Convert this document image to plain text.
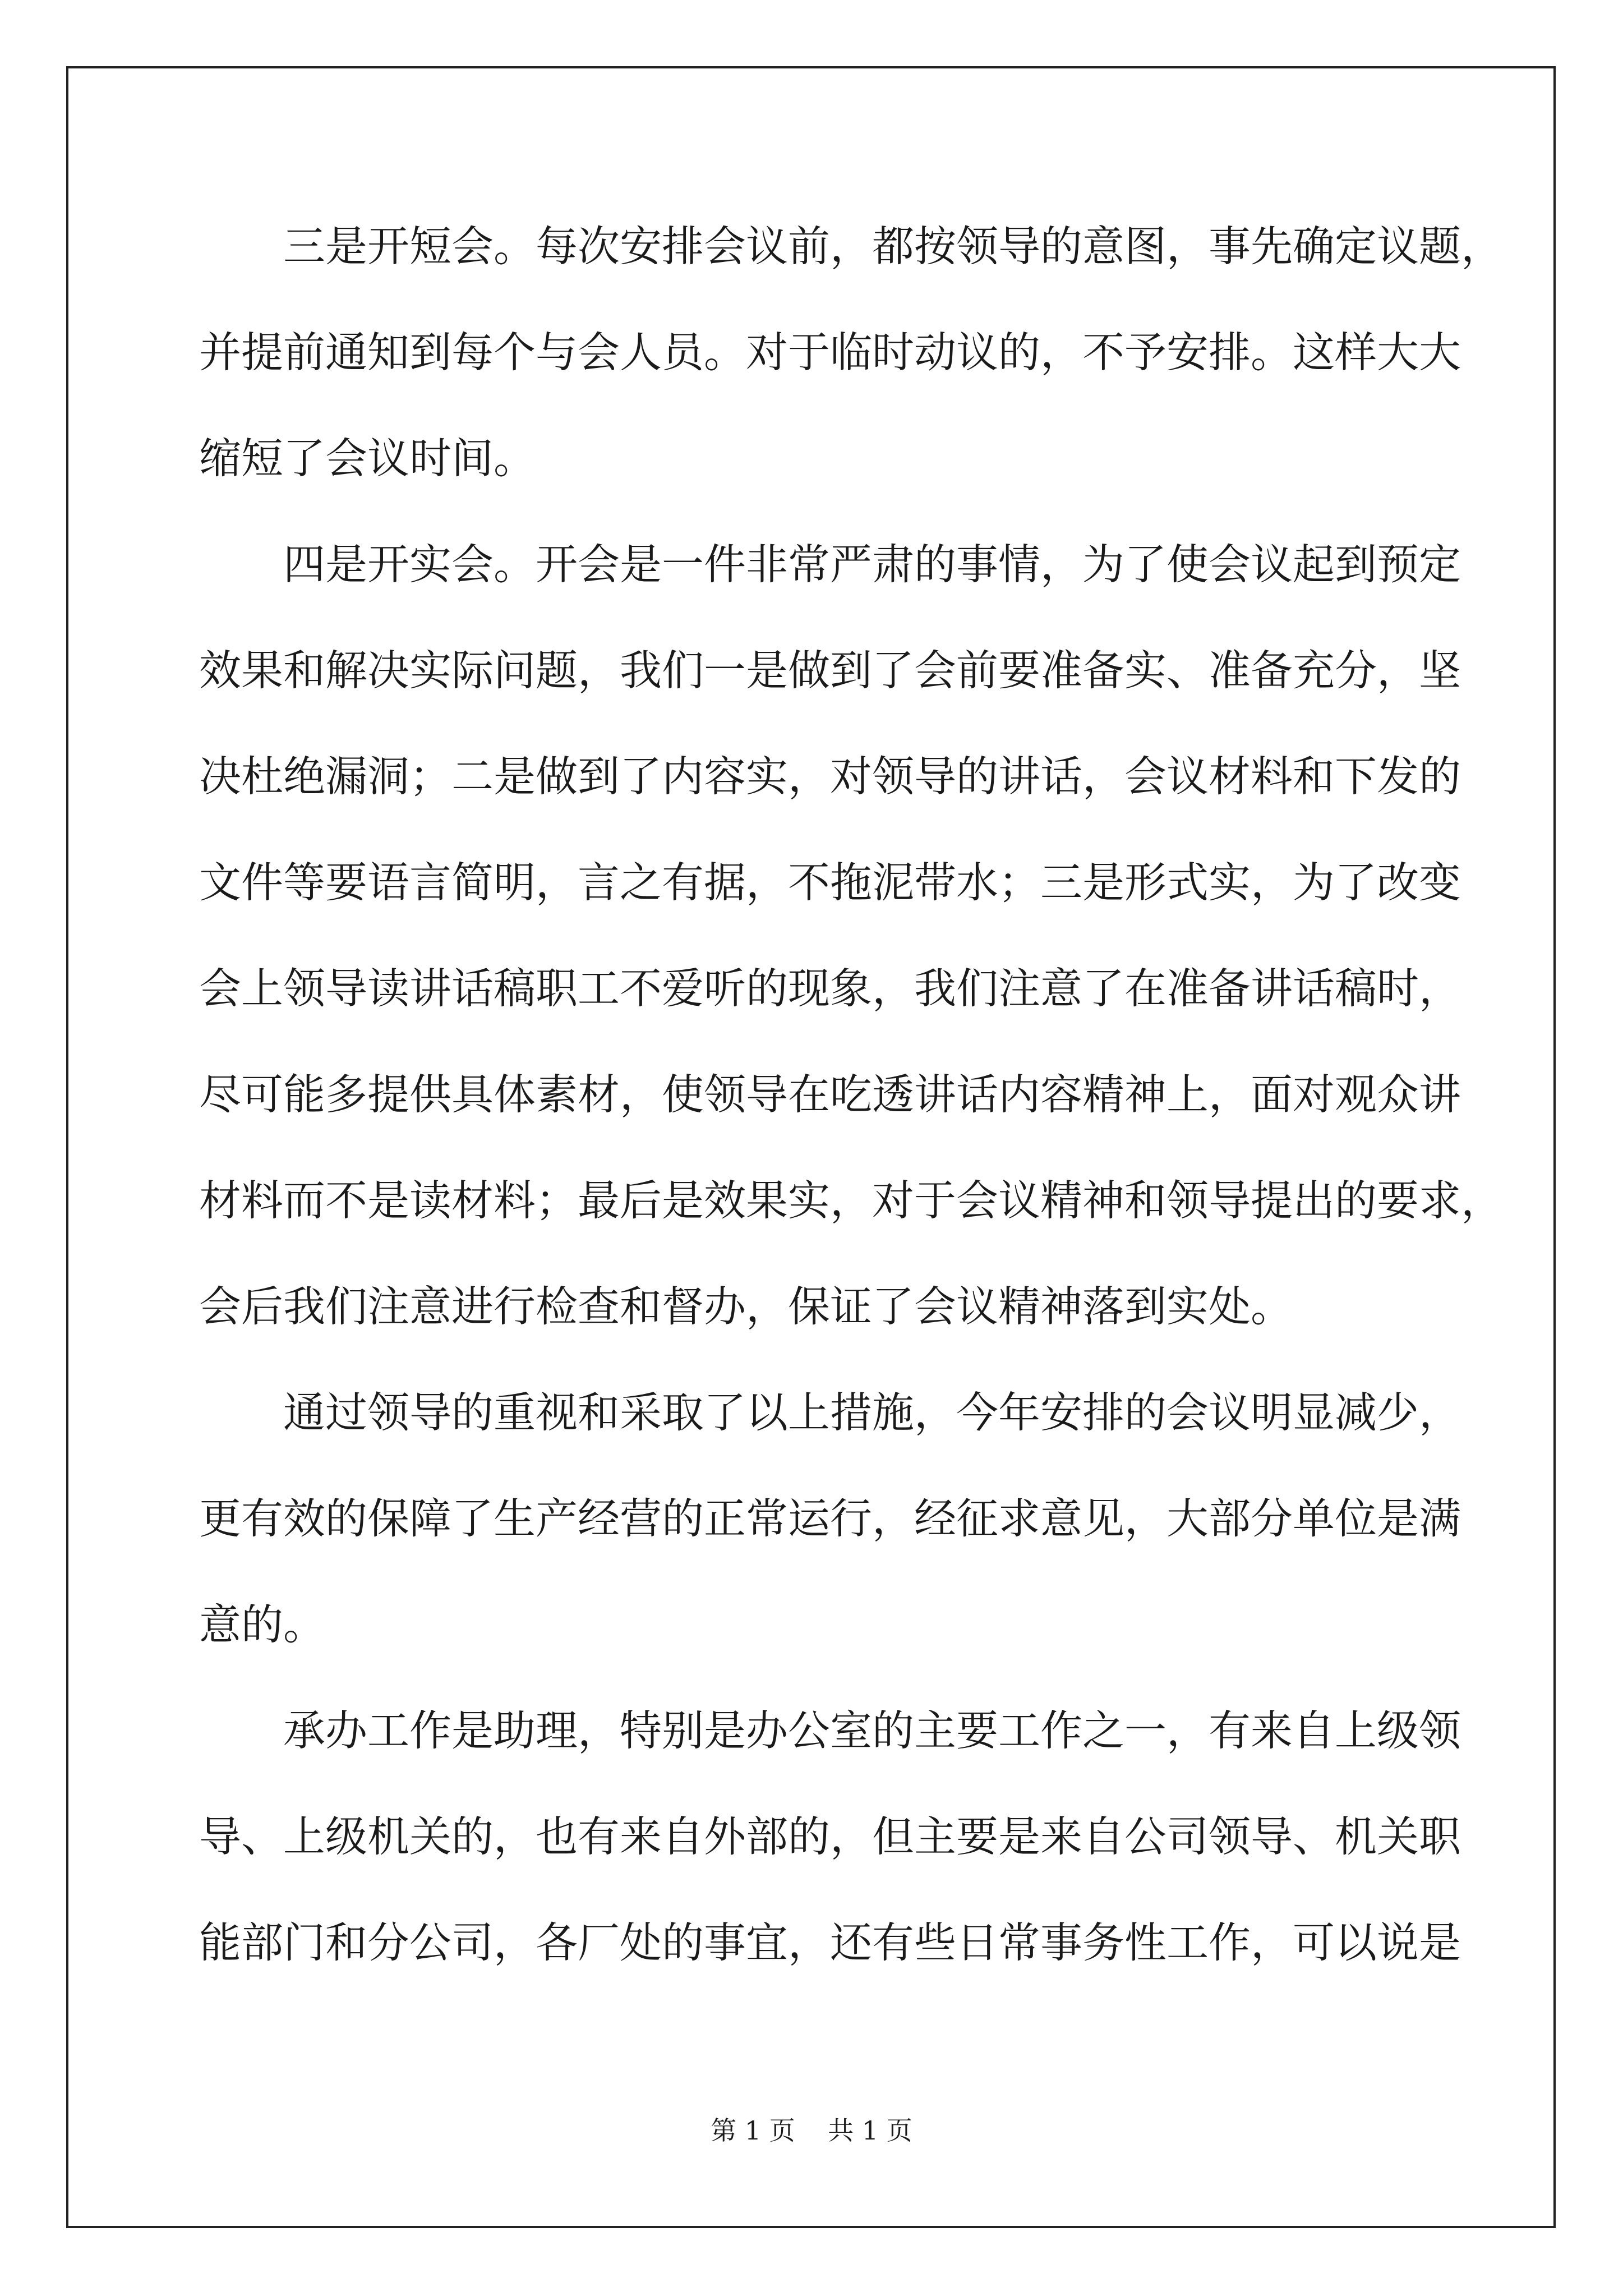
三是开短会。每次安排会议前，都按领导的意图，事先确定议题，
并提前通知到每个与会人员。对于临时动议的，不予安排。这样大大
缩短了会议时间。
四是开实会。开会是一件非常严肃的事情，为了使会议起到预定
效果和解决实际问题，我们一是做到了会前要准备实、准备充分，坚
决杜绝漏洞；二是做到了内容实，对领导的讲话，会议材料和下发的
文件等要语言简明，言之有据，不拖泥带水；三是形式实，为了改变
会上领导读讲话稿职工不爱听的现象，我们注意了在准备讲话稿时，
尽可能多提供具体素材，使领导在吃透讲话内容精神上，面对观众讲
材料而不是读材料；最后是效果实，对于会议精神和领导提出的要求，
会后我们注意进行检查和督办，保证了会议精神落到实处。
通过领导的重视和采取了以上措施，今年安排的会议明显减少，
更有效的保障了生产经营的正常运行，经征求意见，大部分单位是满
意的。
承办工作是助理，特别是办公室的主要工作之一，有来自上级领
导、上级机关的，也有来自外部的，但主要是来自公司领导、机关职
能部门和分公司，各厂处的事宜，还有些日常事务性工作，可以说是
第 1 页    共 1 页
